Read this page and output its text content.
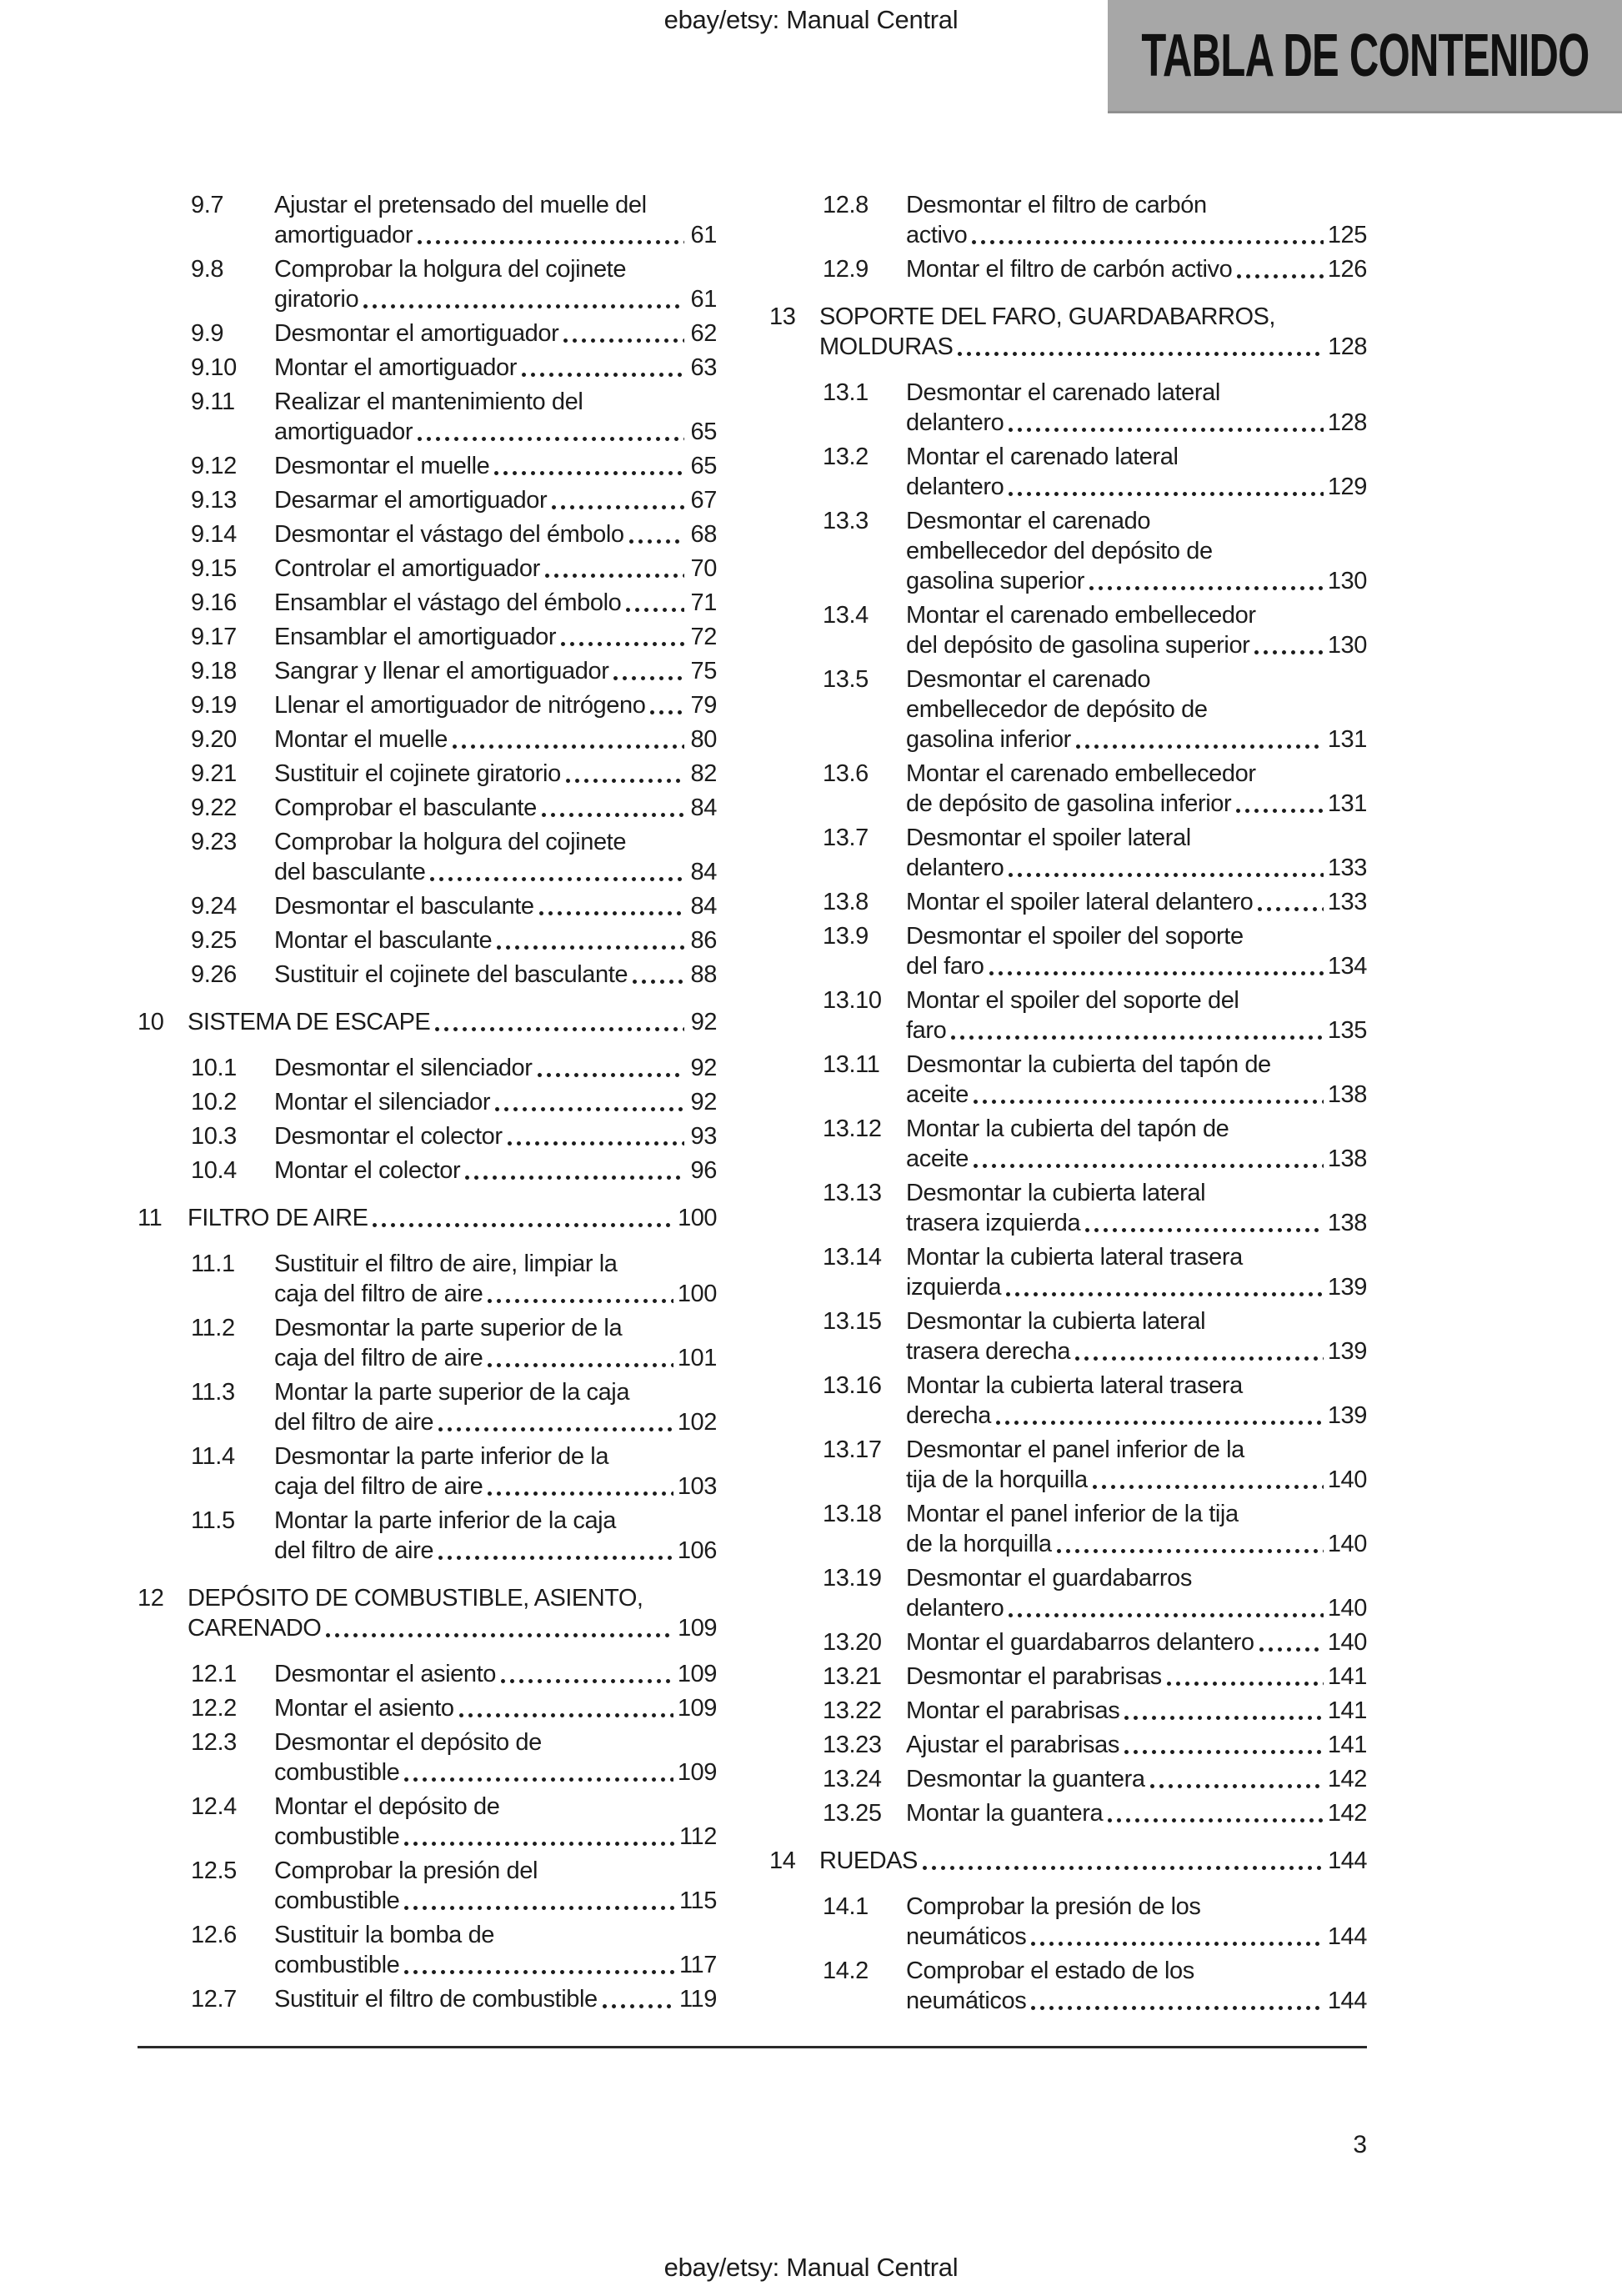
ebay/etsy: Manual Central
TABLA DE CONTENIDO
9.7	Ajustar el pretensado del muelle del
amortiguador	61
9.8	Comprobar la holgura del cojinete
giratorio	61
9.9	Desmontar el amortiguador	62
9.10	Montar el amortiguador	63
9.11	Realizar el mantenimiento del
amortiguador	65
9.12	Desmontar el muelle	65
9.13	Desarmar el amortiguador	67
9.14	Desmontar el vástago del émbolo	68
9.15	Controlar el amortiguador	70
9.16	Ensamblar el vástago del émbolo	71
9.17	Ensamblar el amortiguador	72
9.18	Sangrar y llenar el amortiguador	75
9.19	Llenar el amortiguador de nitrógeno 79
9.20	Montar el muelle	80
9.21	Sustituir el cojinete giratorio	82
9.22	Comprobar el basculante	84
9.23	Comprobar la holgura del cojinete
del basculante	84
9.24	Desmontar el basculante	84
9.25	Montar el basculante	86
9.26	Sustituir el cojinete del basculante	88
10 SISTEMA DE ESCAPE	92
10.1	Desmontar el silenciador	92
10.2	Montar el silenciador	92
10.3	Desmontar el colector	93
10.4	Montar el colector	96
11	FILTRO DE AIRE	100
11.1	Sustituir el filtro de aire, limpiar la
caja del filtro de aire	100
11.2	Desmontar la parte superior de la
caja del filtro de aire	101
11.3	Montar la parte superior de la caja
del filtro de aire	102
11.4	Desmontar la parte inferior de la
caja del filtro de aire	103
11.5	Montar la parte inferior de la caja
del filtro de aire	106
12 DEPÓSITO DE COMBUSTIBLE, ASIENTO,
CARENADO	109
12.1	Desmontar el asiento	109
12.2	Montar el asiento	109
12.3	Desmontar el depósito de
combustible	109
12.4	Montar el depósito de
combustible	112
12.5	Comprobar la presión del
combustible	115
12.6	Sustituir la bomba de
combustible	117
12.7	Sustituir el filtro de combustible	119
12.8	Desmontar el filtro de carbón
activo	125
12.9	Montar el filtro de carbón activo	126
13 SOPORTE DEL FARO, GUARDABARROS,
MOLDURAS	128
13.1	Desmontar el carenado lateral
delantero	128
13.2	Montar el carenado lateral
delantero	129
13.3	Desmontar el carenado
embellecedor del depósito de
gasolina superior	130
13.4	Montar el carenado embellecedor
del depósito de gasolina superior	130
13.5	Desmontar el carenado
embellecedor de depósito de
gasolina inferior	131
13.6	Montar el carenado embellecedor
de depósito de gasolina inferior	131
13.7	Desmontar el spoiler lateral
delantero	133
13.8	Montar el spoiler lateral delantero	133
13.9	Desmontar el spoiler del soporte
del faro	134
13.10	Montar el spoiler del soporte del
faro	135
13.11	Desmontar la cubierta del tapón de
aceite	138
13.12	Montar la cubierta del tapón de
aceite	138
13.13	Desmontar la cubierta lateral
trasera izquierda	138
13.14	Montar la cubierta lateral trasera
izquierda	139
13.15	Desmontar la cubierta lateral
trasera derecha	139
13.16	Montar la cubierta lateral trasera
derecha	139
13.17	Desmontar el panel inferior de la
tija de la horquilla	140
13.18	Montar el panel inferior de la tija
de la horquilla	140
13.19	Desmontar el guardabarros
delantero	140
13.20	Montar el guardabarros delantero	140
13.21	Desmontar el parabrisas	141
13.22	Montar el parabrisas	141
13.23	Ajustar el parabrisas	141
13.24	Desmontar la guantera	142
13.25	Montar la guantera	142
14 RUEDAS	144
14.1	Comprobar la presión de los
neumáticos	144
14.2	Comprobar el estado de los
neumáticos	144
3
ebay/etsy: Manual Central
